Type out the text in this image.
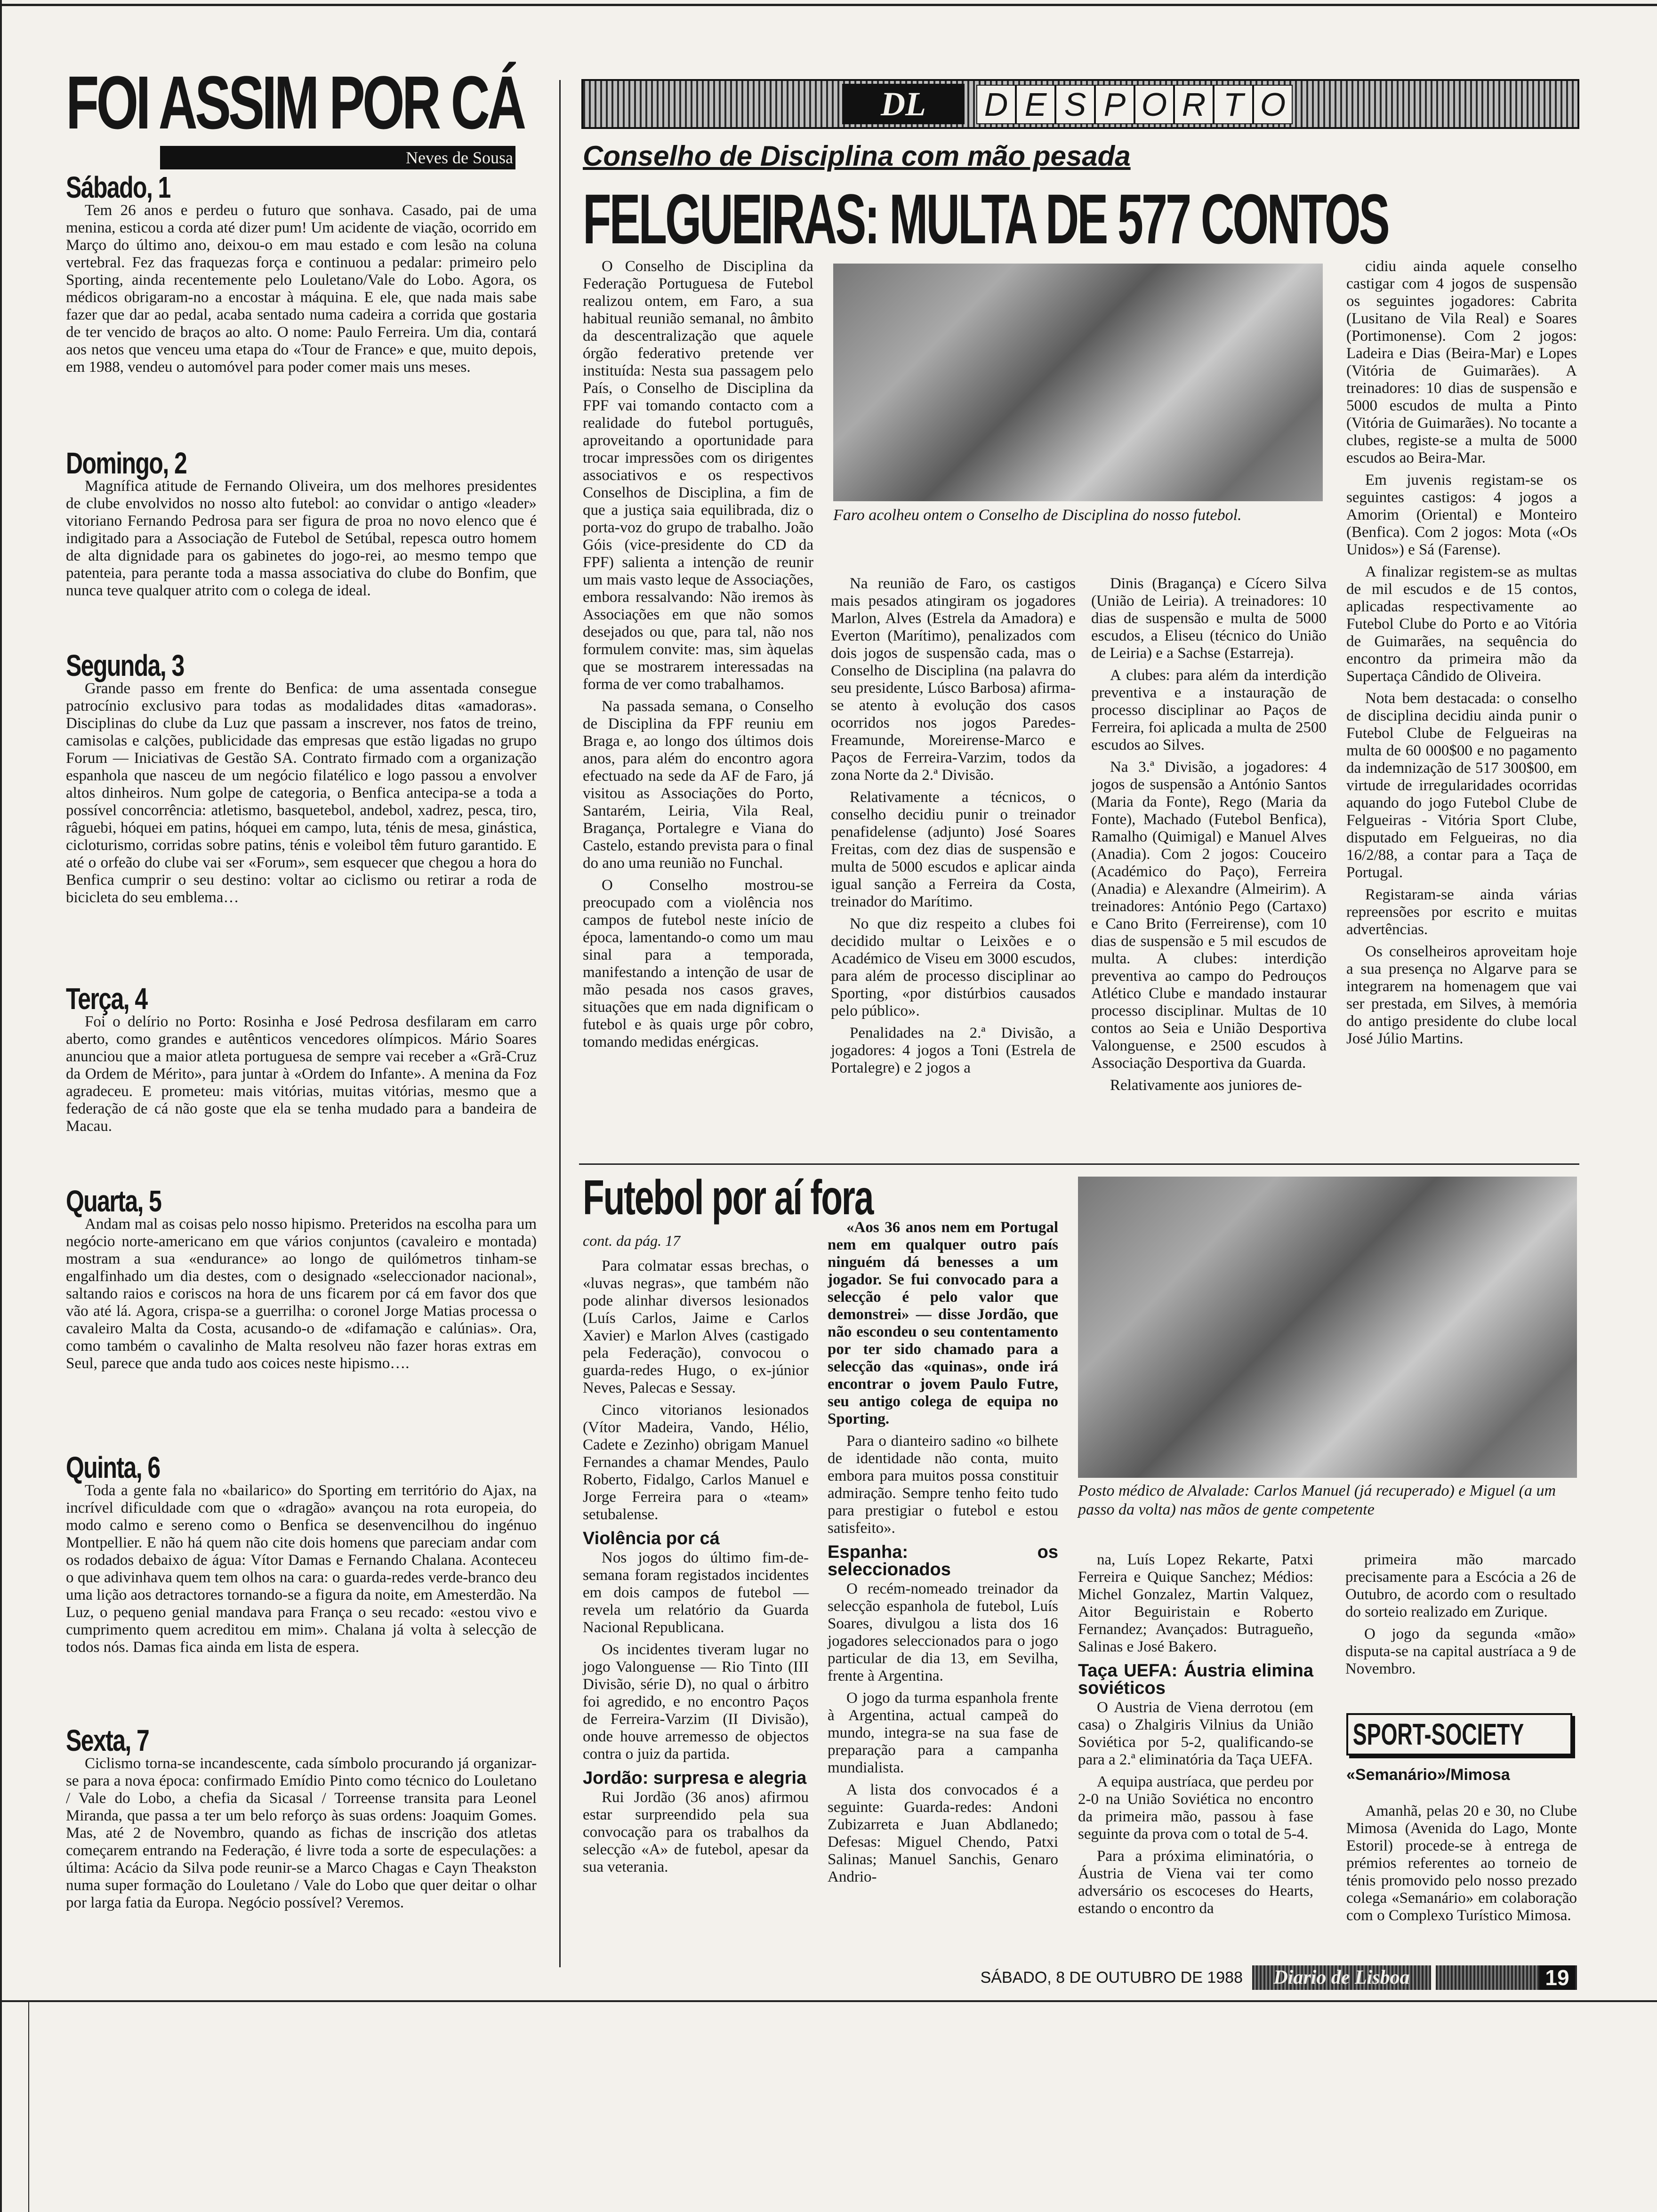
FOI ASSIM POR CÁ
Neves de Sousa
Sábado, 1

Tem 26 anos e perdeu o futuro que sonhava. Casado, pai de uma menina, esticou a corda até dizer pum! Um acidente de viação, ocorrido em Março do último ano, deixou-o em mau estado e com lesão na coluna vertebral. Fez das fraquezas força e continuou a pedalar: primeiro pelo Sporting, ainda recentemente pelo Louletano/Vale do Lobo. Agora, os médicos obrigaram-no a encostar à máquina. E ele, que nada mais sabe fazer que dar ao pedal, acaba sentado numa cadeira a corrida que gostaria de ter vencido de braços ao alto. O nome: Paulo Ferreira. Um dia, contará aos netos que venceu uma etapa do «Tour de France» e que, muito depois, em 1988, vendeu o automóvel para poder comer mais uns meses.

Domingo, 2

Magnífica atitude de Fernando Oliveira, um dos melhores presidentes de clube envolvidos no nosso alto futebol: ao convidar o antigo «leader» vitoriano Fernando Pedrosa para ser figura de proa no novo elenco que é indigitado para a Associação de Futebol de Setúbal, repesca outro homem de alta dignidade para os gabinetes do jogo-rei, ao mesmo tempo que patenteia, para perante toda a massa associativa do clube do Bonfim, que nunca teve qualquer atrito com o colega de ideal.

Segunda, 3

Grande passo em frente do Benfica: de uma assentada consegue patrocínio exclusivo para todas as modalidades ditas «amadoras». Disciplinas do clube da Luz que passam a inscrever, nos fatos de treino, camisolas e calções, publicidade das empresas que estão ligadas no grupo Forum — Iniciativas de Gestão SA. Contrato firmado com a organização espanhola que nasceu de um negócio filatélico e logo passou a envolver altos dinheiros. Num golpe de categoria, o Benfica antecipa-se a toda a possível concorrência: atletismo, basquetebol, andebol, xadrez, pesca, tiro, râguebi, hóquei em patins, hóquei em campo, luta, ténis de mesa, ginástica, cicloturismo, corridas sobre patins, ténis e voleibol têm futuro garantido. E até o orfeão do clube vai ser «Forum», sem esquecer que chegou a hora do Benfica cumprir o seu destino: voltar ao ciclismo ou retirar a roda de bicicleta do seu emblema…

Terça, 4

Foi o delírio no Porto: Rosinha e José Pedrosa desfilaram em carro aberto, como grandes e autênticos vencedores olímpicos. Mário Soares anunciou que a maior atleta portuguesa de sempre vai receber a «Grã-Cruz da Ordem de Mérito», para juntar à «Ordem do Infante». A menina da Foz agradeceu. E prometeu: mais vitórias, muitas vitórias, mesmo que a federação de cá não goste que ela se tenha mudado para a bandeira de Macau.

Quarta, 5

Andam mal as coisas pelo nosso hipismo. Preteridos na escolha para um negócio norte-americano em que vários conjuntos (cavaleiro e montada) mostram a sua «endurance» ao longo de quilómetros tinham-se engalfinhado um dia destes, com o designado «seleccionador nacional», saltando raios e coriscos na hora de uns ficarem por cá em favor dos que vão até lá. Agora, crispa-se a guerrilha: o coronel Jorge Matias processa o cavaleiro Malta da Costa, acusando-o de «difamação e calúnias». Ora, como também o cavalinho de Malta resolveu não fazer horas extras em Seul, parece que anda tudo aos coices neste hipismo….

Quinta, 6

Toda a gente fala no «bailarico» do Sporting em território do Ajax, na incrível dificuldade com que o «dragão» avançou na rota europeia, do modo calmo e sereno como o Benfica se desenvencilhou do ingénuo Montpellier. E não há quem não cite dois homens que pareciam andar com os rodados debaixo de água: Vítor Damas e Fernando Chalana. Aconteceu o que adivinhava quem tem olhos na cara: o guarda-redes verde-branco deu uma lição aos detractores tornando-se a figura da noite, em Amesterdão. Na Luz, o pequeno genial mandava para França o seu recado: «estou vivo e cumprimento quem acreditou em mim». Chalana já volta à selecção de todos nós. Damas fica ainda em lista de espera.

Sexta, 7

Ciclismo torna-se incandescente, cada símbolo procurando já organizar-se para a nova época: confirmado Emídio Pinto como técnico do Louletano / Vale do Lobo, a chefia da Sicasal / Torreense transita para Leonel Miranda, que passa a ter um belo reforço às suas ordens: Joaquim Gomes. Mas, até 2 de Novembro, quando as fichas de inscrição dos atletas começarem entrando na Federação, é livre toda a sorte de especulações: a última: Acácio da Silva pode reunir-se a Marco Chagas e Cayn Theakston numa super formação do Louletano / Vale do Lobo que quer deitar o olhar por larga fatia da Europa. Negócio possível? Veremos.

DL	D E S P O R T O
Conselho de Disciplina com mão pesada
FELGUEIRAS: MULTA DE 577 CONTOS

O Conselho de Disciplina da Federação Portuguesa de Futebol realizou ontem, em Faro, a sua habitual reunião semanal, no âmbito da descentralização que aquele órgão federativo pretende ver instituída: Nesta sua passagem pelo País, o Conselho de Disciplina da FPF vai tomando contacto com a realidade do futebol português, aproveitando a oportunidade para trocar impressões com os dirigentes associativos e os respectivos Conselhos de Disciplina, a fim de que a justiça saia equilibrada, diz o porta-voz do grupo de trabalho. João Góis (vice-presidente do CD da FPF) salienta a intenção de reunir um mais vasto leque de Associações, embora ressalvando: Não iremos às Associações em que não somos desejados ou que, para tal, não nos formulem convite: mas, sim àquelas que se mostrarem interessadas na forma de ver como trabalhamos.

Na passada semana, o Conselho de Disciplina da FPF reuniu em Braga e, ao longo dos últimos dois anos, para além do encontro agora efectuado na sede da AF de Faro, já visitou as Associações do Porto, Santarém, Leiria, Vila Real, Bragança, Portalegre e Viana do Castelo, estando prevista para o final do ano uma reunião no Funchal.

O Conselho mostrou-se preocupado com a violência nos campos de futebol neste início de época, lamentando-o como um mau sinal para a temporada, manifestando a intenção de usar de mão pesada nos casos graves, situações que em nada dignificam o futebol e às quais urge pôr cobro, tomando medidas enérgicas.

Faro acolheu ontem o Conselho de Disciplina do nosso futebol.

Na reunião de Faro, os castigos mais pesados atingiram os jogadores Marlon, Alves (Estrela da Amadora) e Everton (Marítimo), penalizados com dois jogos de suspensão cada, mas o Conselho de Disciplina (na palavra do seu presidente, Lúsco Barbosa) afirma-se atento à evolução dos casos ocorridos nos jogos Paredes-Freamunde, Moreirense-Marco e Paços de Ferreira-Varzim, todos da zona Norte da 2.ª Divisão.

Relativamente a técnicos, o conselho decidiu punir o treinador penafidelense (adjunto) José Soares Freitas, com dez dias de suspensão e multa de 5000 escudos e aplicar ainda igual sanção a Ferreira da Costa, treinador do Marítimo.

No que diz respeito a clubes foi decidido multar o Leixões e o Académico de Viseu em 3000 escudos, para além de processo disciplinar ao Sporting, «por distúrbios causados pelo público».

Penalidades na 2.ª Divisão, a jogadores: 4 jogos a Toni (Estrela de Portalegre) e 2 jogos a

Dinis (Bragança) e Cícero Silva (União de Leiria). A treinadores: 10 dias de suspensão e multa de 5000 escudos, a Eliseu (técnico do União de Leiria) e a Sachse (Estarreja).

A clubes: para além da interdição preventiva e a instauração de processo disciplinar ao Paços de Ferreira, foi aplicada a multa de 2500 escudos ao Silves.

Na 3.ª Divisão, a jogadores: 4 jogos de suspensão a António Santos (Maria da Fonte), Rego (Maria da Fonte), Machado (Futebol Benfica), Ramalho (Quimigal) e Manuel Alves (Anadia). Com 2 jogos: Couceiro (Académico do Paço), Ferreira (Anadia) e Alexandre (Almeirim). A treinadores: António Pego (Cartaxo) e Cano Brito (Ferreirense), com 10 dias de suspensão e 5 mil escudos de multa. A clubes: interdição preventiva ao campo do Pedrouços Atlético Clube e mandado instaurar processo disciplinar. Multas de 10 contos ao Seia e União Desportiva Valonguense, e 2500 escudos à Associação Desportiva da Guarda.

Relativamente aos juniores de-

cidiu ainda aquele conselho castigar com 4 jogos de suspensão os seguintes jogadores: Cabrita (Lusitano de Vila Real) e Soares (Portimonense). Com 2 jogos: Ladeira e Dias (Beira-Mar) e Lopes (Vitória de Guimarães). A treinadores: 10 dias de suspensão e 5000 escudos de multa a Pinto (Vitória de Guimarães). No tocante a clubes, registe-se a multa de 5000 escudos ao Beira-Mar.

Em juvenis registam-se os seguintes castigos: 4 jogos a Amorim (Oriental) e Monteiro (Benfica). Com 2 jogos: Mota («Os Unidos») e Sá (Farense).

A finalizar registem-se as multas de mil escudos e de 15 contos, aplicadas respectivamente ao Futebol Clube do Porto e ao Vitória de Guimarães, na sequência do encontro da primeira mão da Supertaça Cândido de Oliveira.

Nota bem destacada: o conselho de disciplina decidiu ainda punir o Futebol Clube de Felgueiras na multa de 60 000$00 e no pagamento da indemnização de 517 300$00, em virtude de irregularidades ocorridas aquando do jogo Futebol Clube de Felgueiras - Vitória Sport Clube, disputado em Felgueiras, no dia 16/2/88, a contar para a Taça de Portugal.

Registaram-se ainda várias repreensões por escrito e muitas advertências.

Os conselheiros aproveitam hoje a sua presença no Algarve para se integrarem na homenagem que vai ser prestada, em Silves, à memória do antigo presidente do clube local José Júlio Martins.

Futebol por aí fora
cont. da pág. 17

Para colmatar essas brechas, o «luvas negras», que também não pode alinhar diversos lesionados (Luís Carlos, Jaime e Carlos Xavier) e Marlon Alves (castigado pela Federação), convocou o guarda-redes Hugo, o ex-júnior Neves, Palecas e Sessay.

Cinco vitorianos lesionados (Vítor Madeira, Vando, Hélio, Cadete e Zezinho) obrigam Manuel Fernandes a chamar Mendes, Paulo Roberto, Fidalgo, Carlos Manuel e Jorge Ferreira para o «team» setubalense.

Violência por cá

Nos jogos do último fim-de-semana foram registados incidentes em dois campos de futebol — revela um relatório da Guarda Nacional Republicana.

Os incidentes tiveram lugar no jogo Valonguense — Rio Tinto (III Divisão, série D), no qual o árbitro foi agredido, e no encontro Paços de Ferreira-Varzim (II Divisão), onde houve arremesso de objectos contra o juiz da partida.

Jordão: surpresa e alegria

Rui Jordão (36 anos) afirmou estar surpreendido pela sua convocação para os trabalhos da selecção «A» de futebol, apesar da sua veterania.

«Aos 36 anos nem em Portugal nem em qualquer outro país ninguém dá benesses a um jogador. Se fui convocado para a selecção é pelo valor que demonstrei» — disse Jordão, que não escondeu o seu contentamento por ter sido chamado para a selecção das «quinas», onde irá encontrar o jovem Paulo Futre, seu antigo colega de equipa no Sporting.

Para o dianteiro sadino «o bilhete de identidade não conta, muito embora para muitos possa constituir admiração. Sempre tenho feito tudo para prestigiar o futebol e estou satisfeito».

Espanha: os seleccionados

O recém-nomeado treinador da selecção espanhola de futebol, Luís Soares, divulgou a lista dos 16 jogadores seleccionados para o jogo particular de dia 13, em Sevilha, frente à Argentina.

O jogo da turma espanhola frente à Argentina, actual campeã do mundo, integra-se na sua fase de preparação para a campanha mundialista.

A lista dos convocados é a seguinte: Guarda-redes: Andoni Zubizarreta e Juan Abdlanedo; Defesas: Miguel Chendo, Patxi Salinas; Manuel Sanchis, Genaro Andrio-

Posto médico de Alvalade: Carlos Manuel (já recuperado) e Miguel (a um passo da volta) nas mãos de gente competente

na, Luís Lopez Rekarte, Patxi Ferreira e Quique Sanchez; Médios: Michel Gonzalez, Martin Valquez, Aitor Beguiristain e Roberto Fernandez; Avançados: Butragueño, Salinas e José Bakero.

Taça UEFA: Áustria elimina soviéticos

O Austria de Viena derrotou (em casa) o Zhalgiris Vilnius da União Soviética por 5-2, qualificando-se para a 2.ª eliminatória da Taça UEFA.

A equipa austríaca, que perdeu por 2-0 na União Soviética no encontro da primeira mão, passou à fase seguinte da prova com o total de 5-4.

Para a próxima eliminatória, o Áustria de Viena vai ter como adversário os escoceses do Hearts, estando o encontro da

primeira mão marcado precisamente para a Escócia a 26 de Outubro, de acordo com o resultado do sorteio realizado em Zurique.

O jogo da segunda «mão» disputa-se na capital austríaca a 9 de Novembro.

SPORT-SOCIETY
«Semanário»/Mimosa

Amanhã, pelas 20 e 30, no Clube Mimosa (Avenida do Lago, Monte Estoril) procede-se à entrega de prémios referentes ao torneio de ténis promovido pelo nosso prezado colega «Semanário» em colaboração com o Complexo Turístico Mimosa.

SÁBADO, 8 DE OUTUBRO DE 1988	Diario de Lisboa	19
